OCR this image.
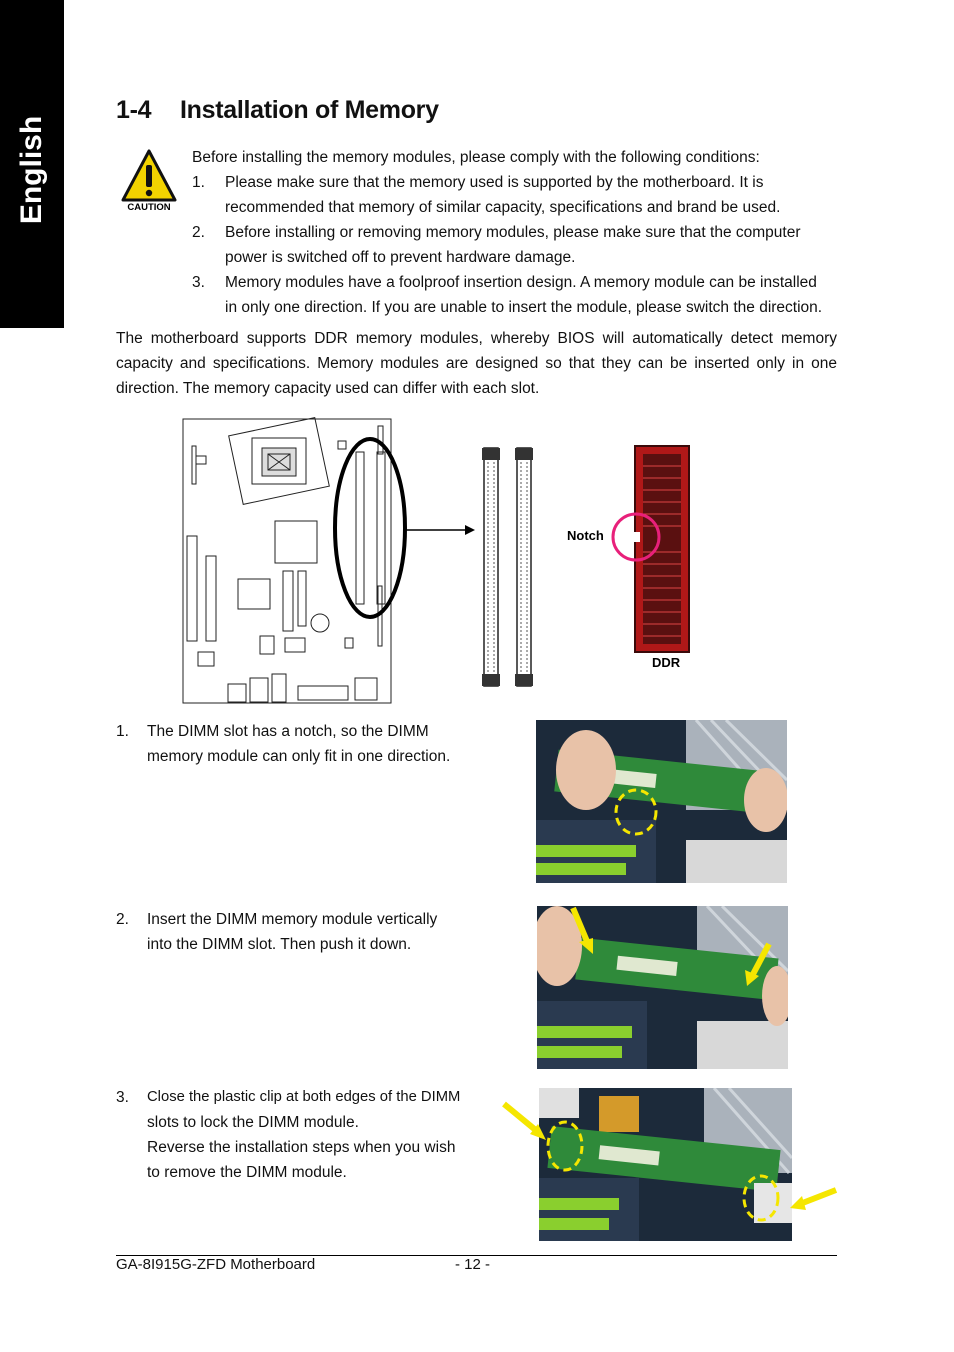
English
1-4 Installation of Memory
CAUTION
Before installing the memory modules, please comply with the following conditions:
1. Please make sure that the memory used is supported by the motherboard. It is
recommended that memory of similar capacity, specifications and brand be used.
2. Before installing or removing memory modules, please make sure that the computer
power is switched off to prevent hardware damage.
3. Memory modules have a foolproof insertion design. A memory module can be installed
in only one direction. If you are unable to insert the module, please switch the direction.
The motherboard supports DDR memory modules, whereby BIOS will automatically detect memory capacity and specifications. Memory modules are designed so that they can be inserted only in one direction. The memory capacity used can differ with each slot.
Notch
DDR
1. The DIMM slot has a notch, so the DIMM
memory module can only fit in one direction.
2. Insert the DIMM memory module vertically
into the DIMM slot. Then push it down.
3. Close the plastic clip at both edges of the DIMM
slots to lock the DIMM module.
Reverse the installation steps when you wish
to remove the DIMM module.
GA-8I915G-ZFD Motherboard	- 12 -
